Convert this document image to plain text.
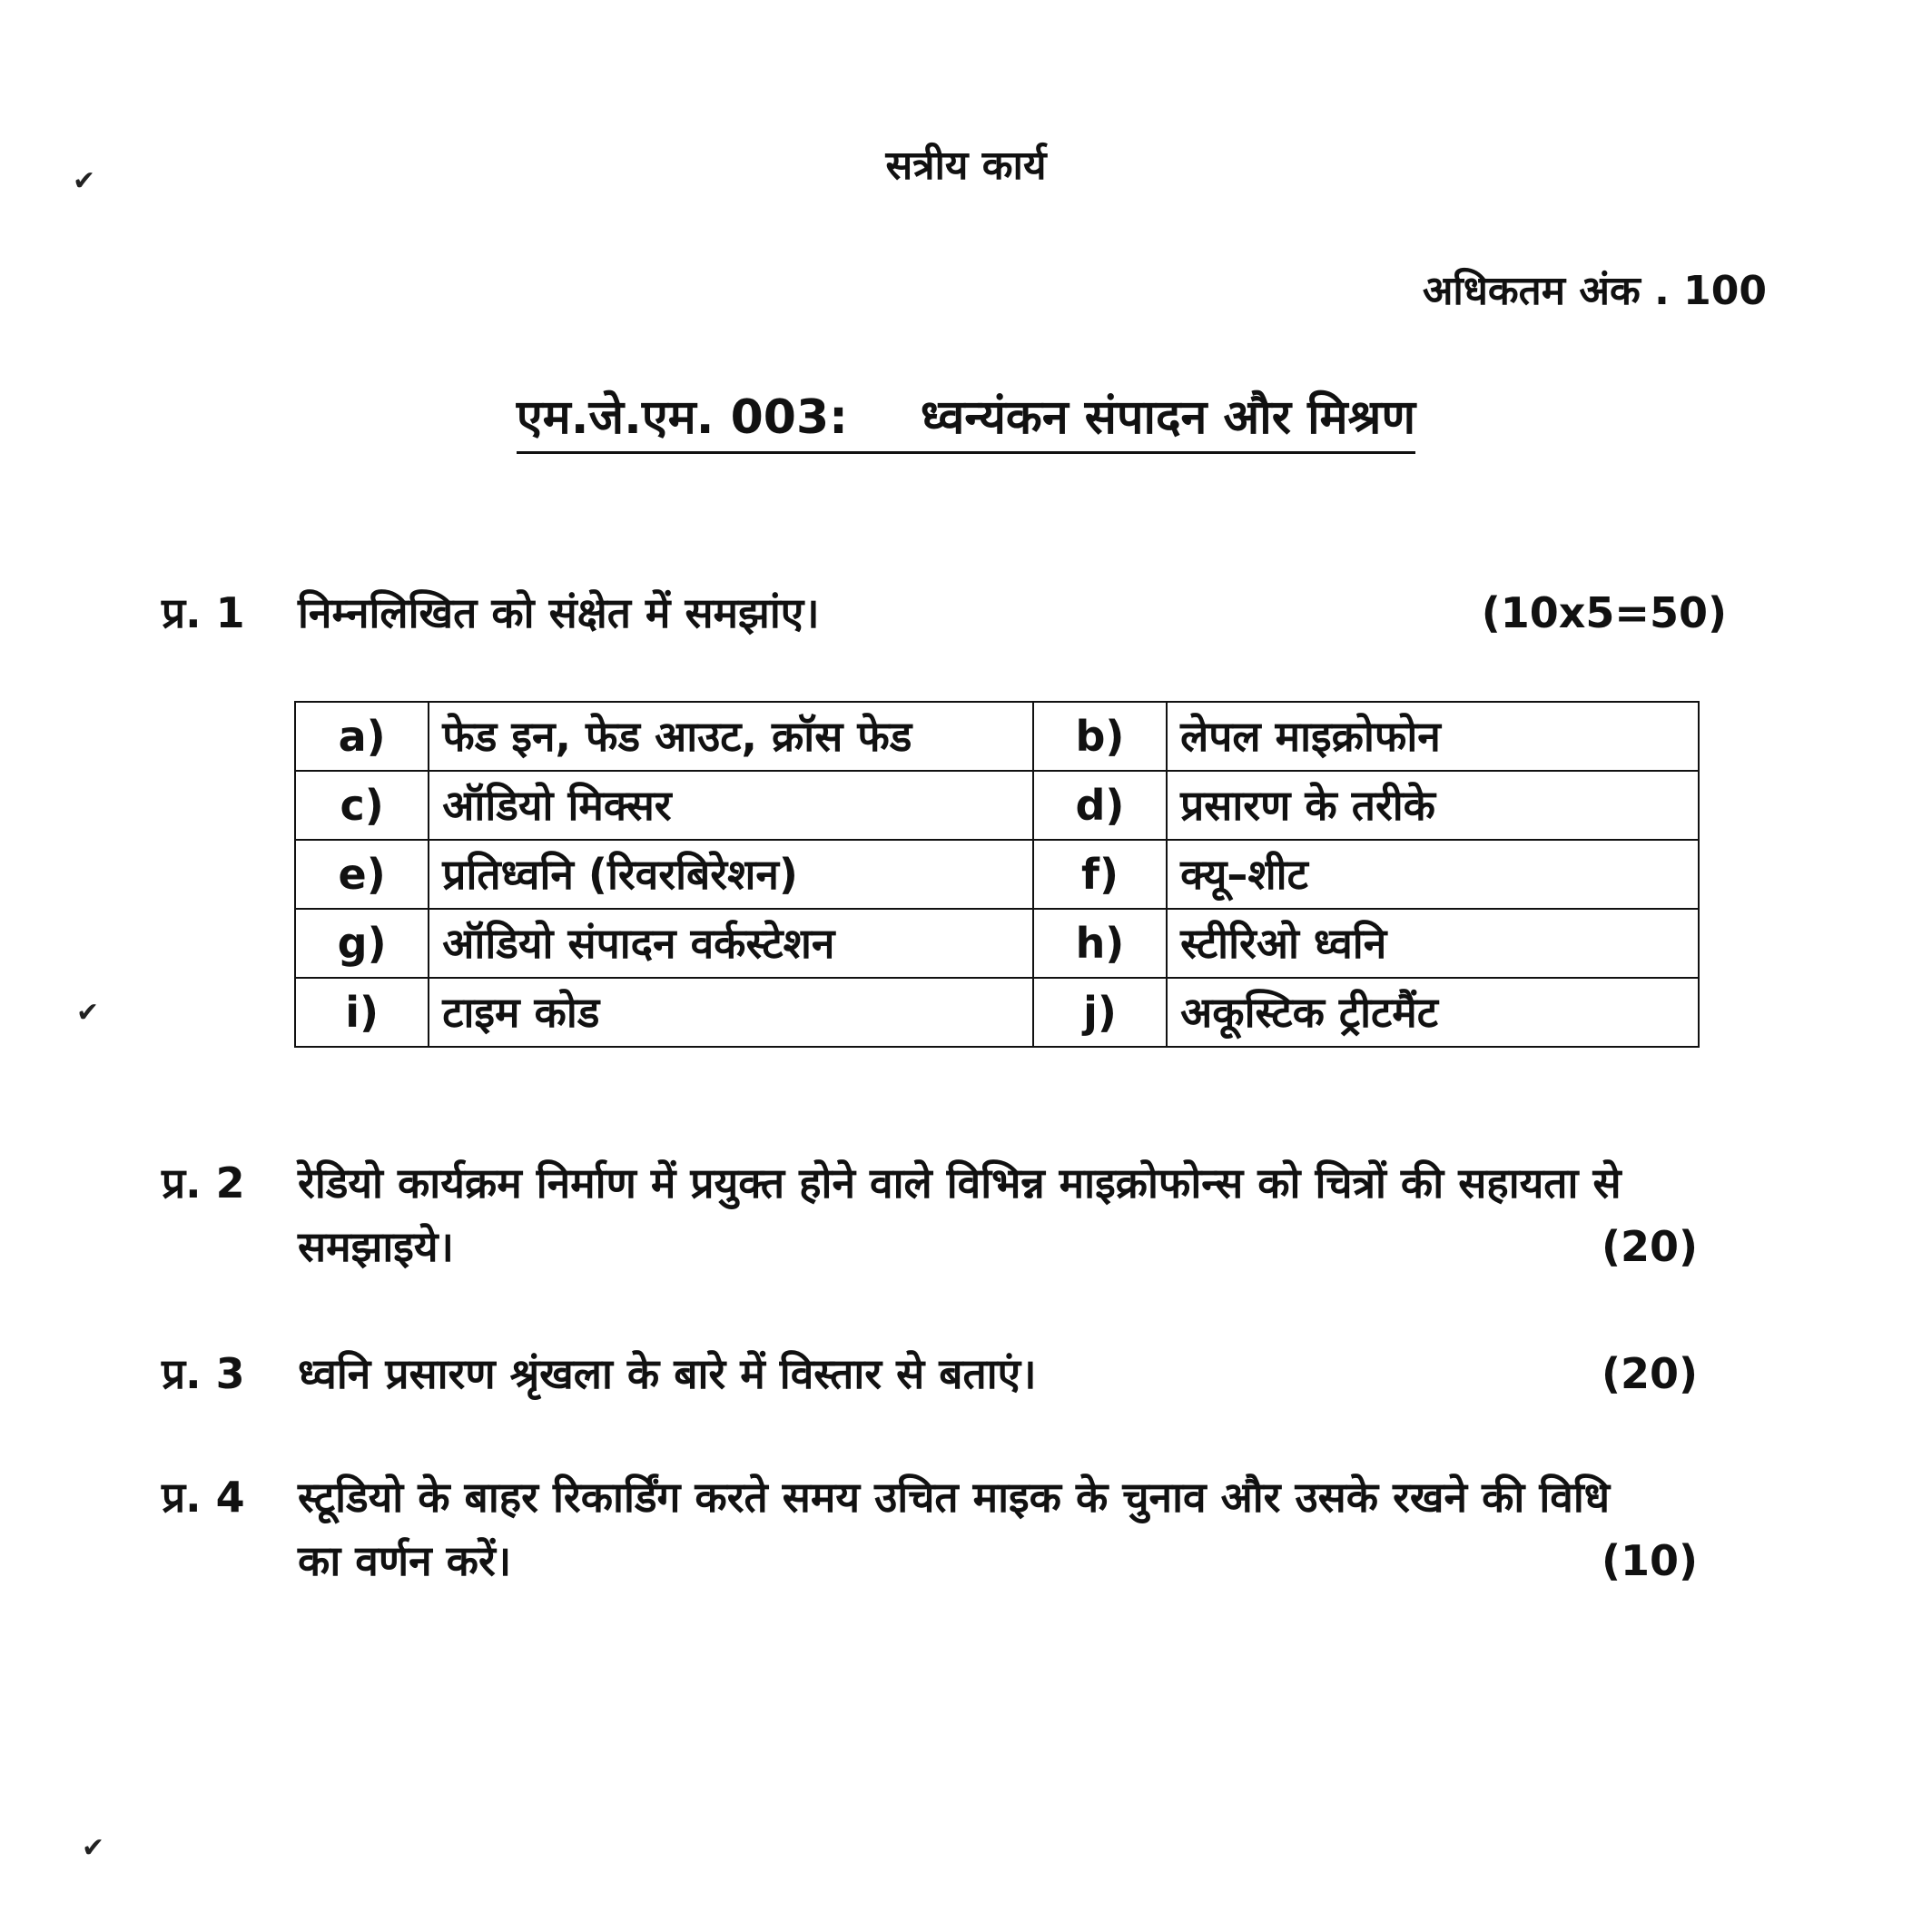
✔
✔
✔
सत्रीय कार्य
अधिकतम अंक . 100
एम.जे.एम. 003: ध्वन्यंकन संपादन और मिश्रण
प्र. 1	निम्नलिखित को संक्षेत में समझांए।	(10x5=50)
a)	फेड इन, फेड आउट, क्रॉस फेड	b)	लेपल माइक्रोफोन
c)	ऑडियो मिक्सर	d)	प्रसारण के तरीके
e)	प्रतिध्वनि (रिवरबिरेशन)	f)	क्यू–शीट
g)	ऑडियो संपादन वर्कस्टेशन	h)	स्टीरिओ ध्वनि
i)	टाइम कोड	j)	अकूस्टिक ट्रीटमैंट
प्र. 2	रेडियो कार्यक्रम निर्माण में प्रयुक्त होने वाले विभिन्न माइक्रोफोन्स को चित्रों की सहायता से समझाइये।	(20)
प्र. 3	ध्वनि प्रसारण श्रृंखला के बारे में विस्तार से बताएं।	(20)
प्र. 4	स्टूडियो के बाहर रिकार्डिंग करते समय उचित माइक के चुनाव और उसके रखने की विधि का वर्णन करें।	(10)
